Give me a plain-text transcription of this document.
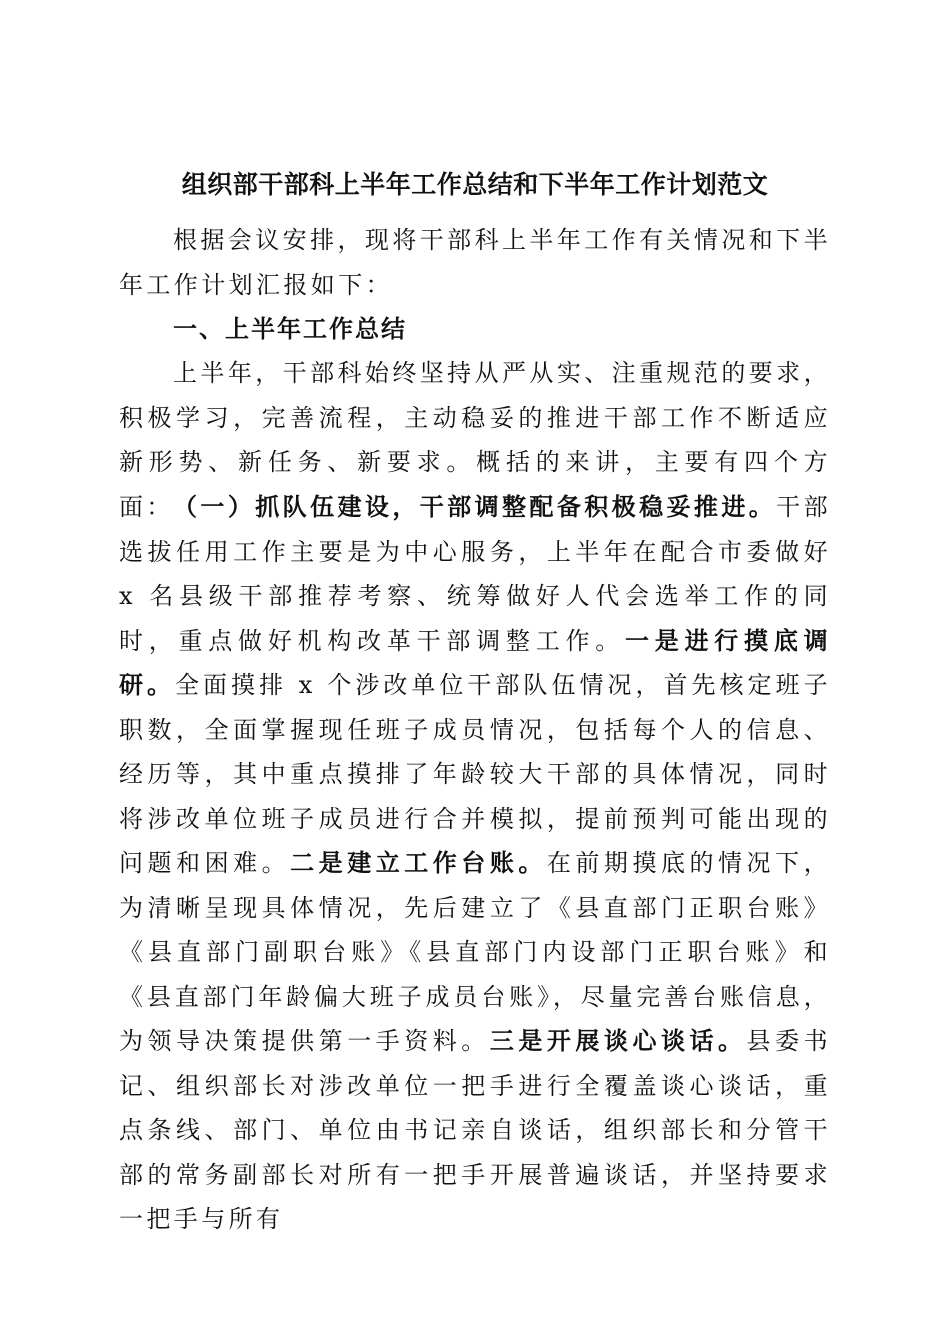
组织部干部科上半年工作总结和下半年工作计划范文

根据会议安排，现将干部科上半年工作有关情况和下半年工作计划汇报如下：

一、上半年工作总结

上半年，干部科始终坚持从严从实、注重规范的要求，积极学习，完善流程，主动稳妥的推进干部工作不断适应新形势、新任务、新要求。概括的来讲，主要有四个方面： （一）抓队伍建设，干部调整配备积极稳妥推进。干部选拔任用工作主要是为中心服务，上半年在配合市委做好 x 名县级干部推荐考察、统筹做好人代会选举工作的同时，重点做好机构改革干部调整工作。一是进行摸底调研。全面摸排 x 个涉改单位干部队伍情况，首先核定班子职数，全面掌握现任班子成员情况，包括每个人的信息、经历等，其中重点摸排了年龄较大干部的具体情况，同时将涉改单位班子成员进行合并模拟，提前预判可能出现的问题和困难。二是建立工作台账。在前期摸底的情况下，为清晰呈现具体情况，先后建立了《县直部门正职台账》《县直部门副职台账》《县直部门内设部门正职台账》和《县直部门年龄偏大班子成员台账》，尽量完善台账信息，为领导决策提供第一手资料。三是开展谈心谈话。县委书记、组织部长对涉改单位一把手进行全覆盖谈心谈话，重点条线、部门、单位由书记亲自谈话，组织部长和分管干部的常务副部长对所有一把手开展普遍谈话，并坚持要求一把手与所有
